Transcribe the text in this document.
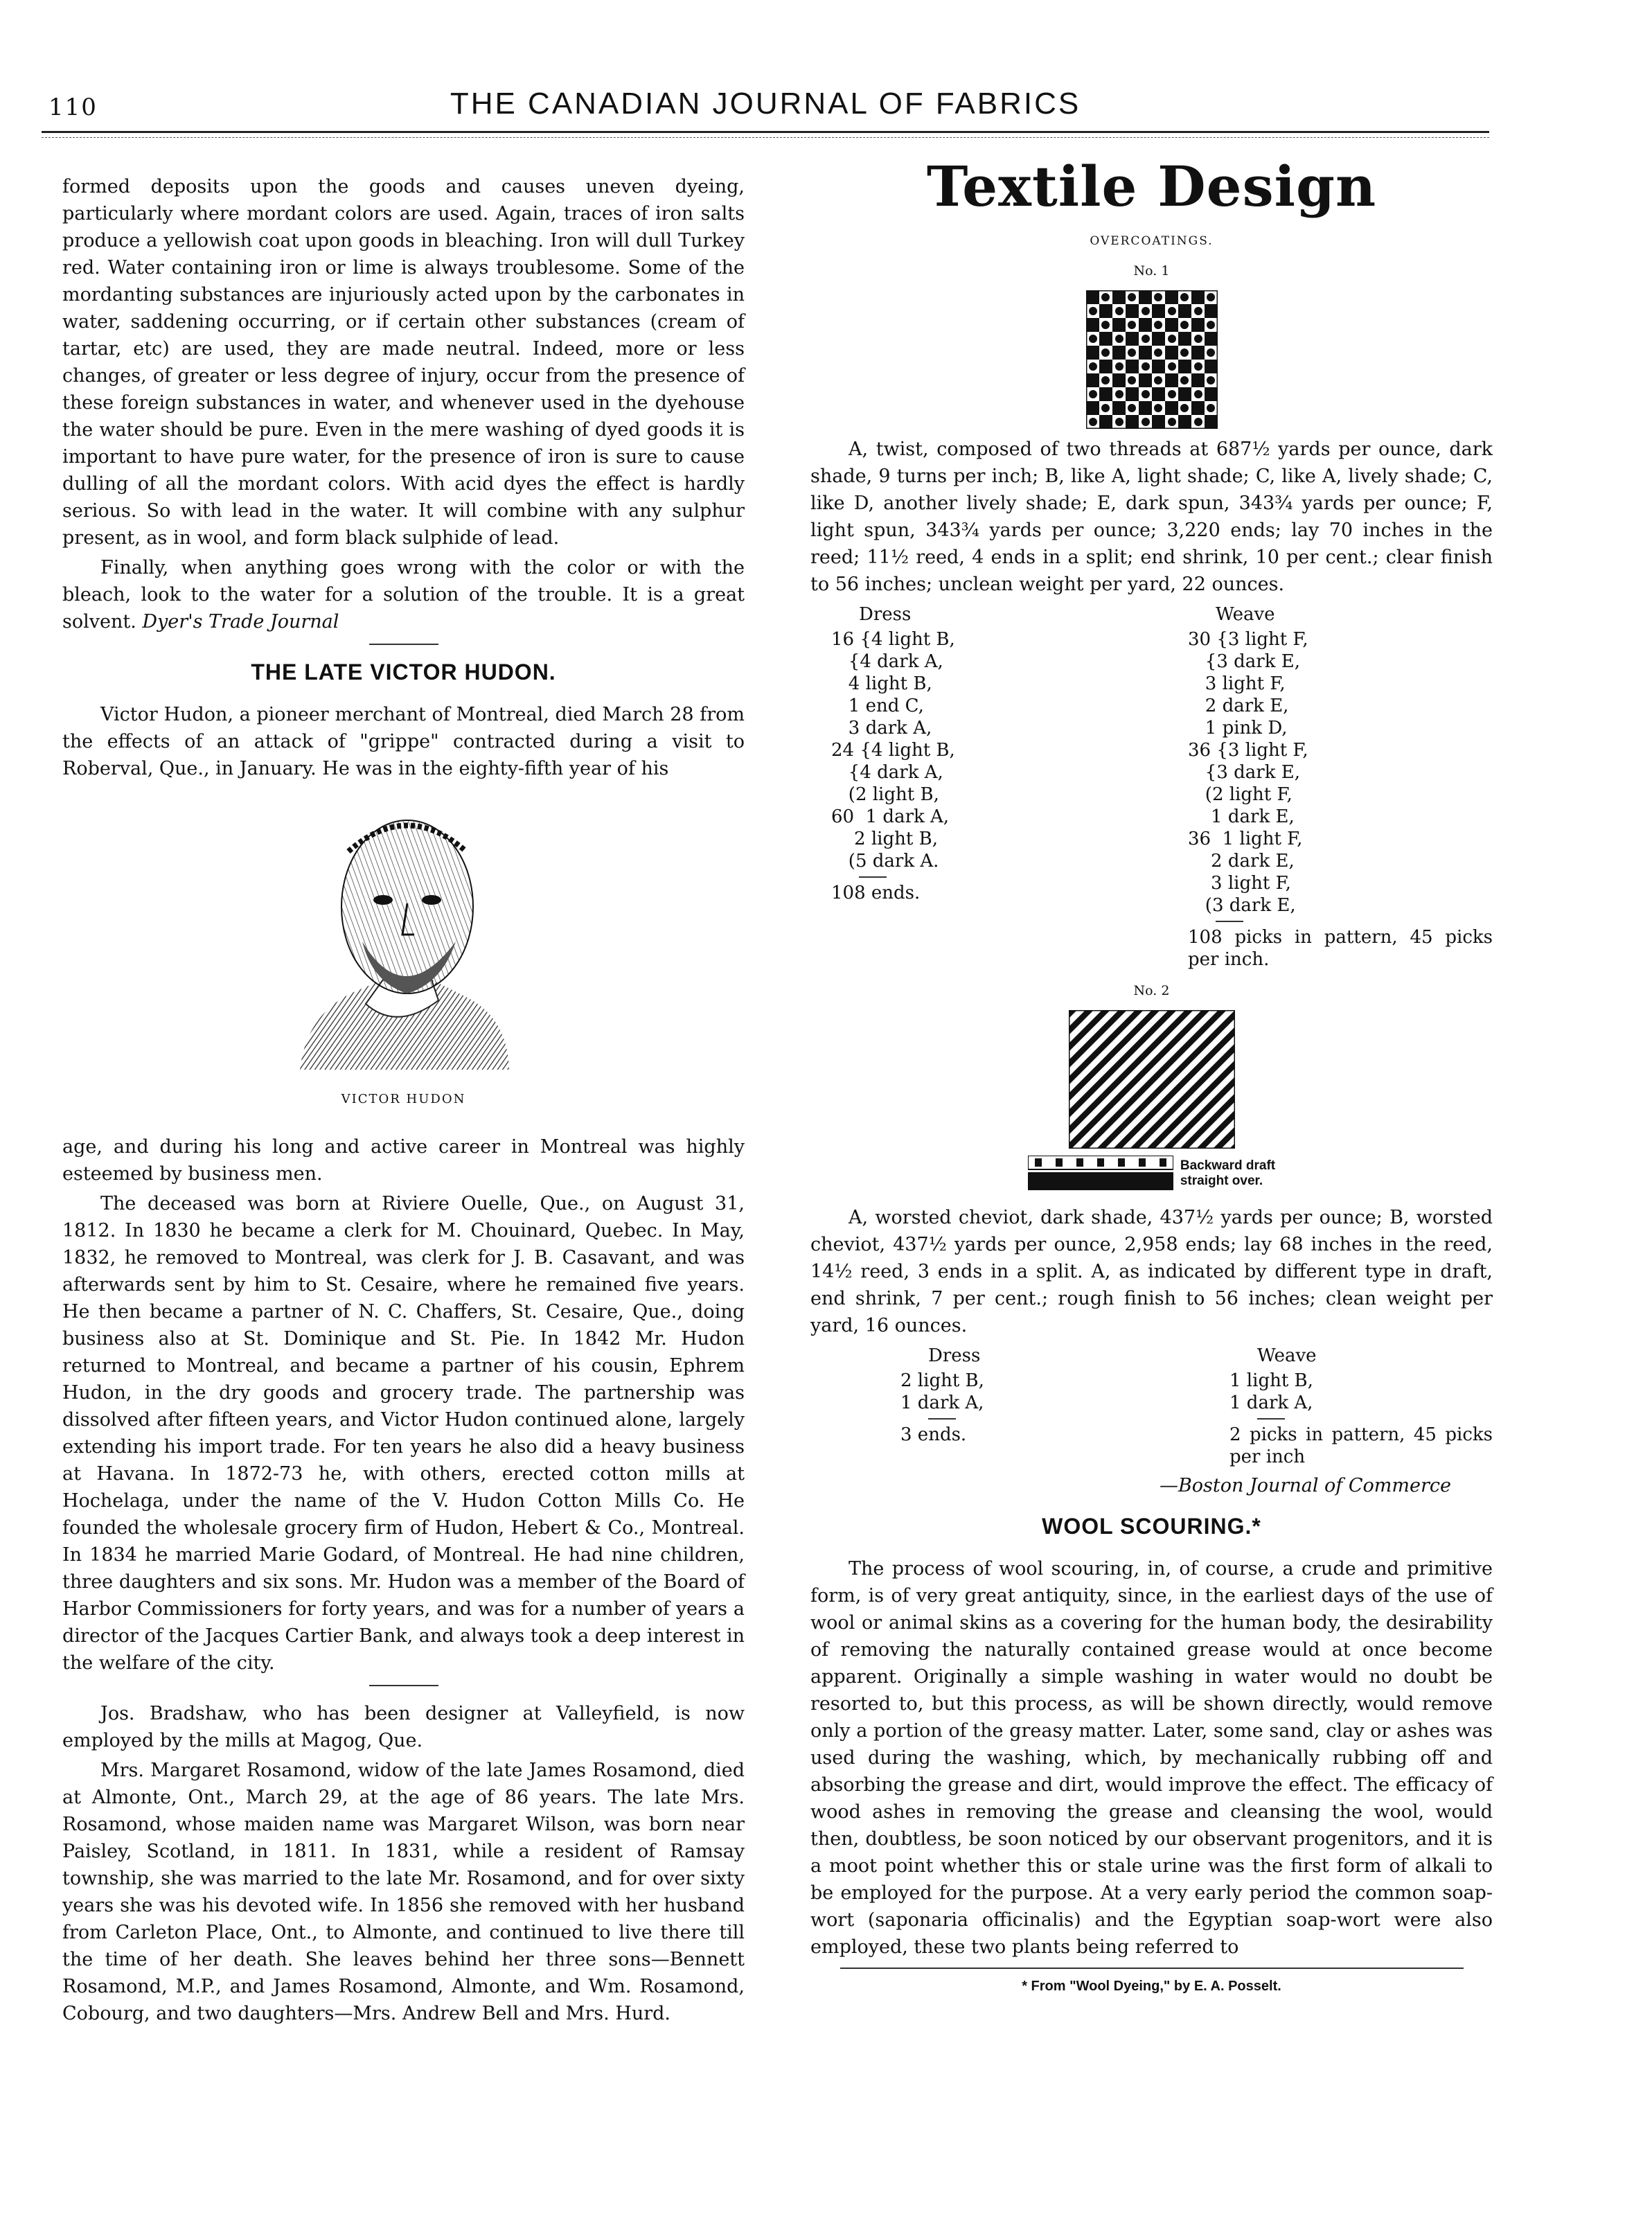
110	THE CANADIAN JOURNAL OF FABRICS

formed deposits upon the goods and causes uneven dyeing, particularly where mordant colors are used. Again, traces of iron salts produce a yellowish coat upon goods in bleaching. Iron will dull Turkey red. Water containing iron or lime is always troublesome. Some of the mordanting substances are injuriously acted upon by the carbonates in water, saddening occurring, or if certain other substances (cream of tartar, etc) are used, they are made neutral. Indeed, more or less changes, of greater or less degree of injury, occur from the presence of these foreign substances in water, and whenever used in the dyehouse the water should be pure. Even in the mere washing of dyed goods it is important to have pure water, for the presence of iron is sure to cause dulling of all the mordant colors. With acid dyes the effect is hardly serious. So with lead in the water. It will combine with any sulphur present, as in wool, and form black sulphide of lead.

Finally, when anything goes wrong with the color or with the bleach, look to the water for a solution of the trouble. It is a great solvent. Dyer's Trade Journal

THE LATE VICTOR HUDON.

Victor Hudon, a pioneer merchant of Montreal, died March 28 from the effects of an attack of "grippe" contracted during a visit to Roberval, Que., in January. He was in the eighty-fifth year of his

VICTOR HUDON

age, and during his long and active career in Montreal was highly esteemed by business men.

The deceased was born at Riviere Ouelle, Que., on August 31, 1812. In 1830 he became a clerk for M. Chouinard, Quebec. In May, 1832, he removed to Montreal, was clerk for J. B. Casavant, and was afterwards sent by him to St. Cesaire, where he remained five years. He then became a partner of N. C. Chaffers, St. Cesaire, Que., doing business also at St. Dominique and St. Pie. In 1842 Mr. Hudon returned to Montreal, and became a partner of his cousin, Ephrem Hudon, in the dry goods and grocery trade. The partnership was dissolved after fifteen years, and Victor Hudon continued alone, largely extending his import trade. For ten years he also did a heavy business at Havana. In 1872-73 he, with others, erected cotton mills at Hochelaga, under the name of the V. Hudon Cotton Mills Co. He founded the wholesale grocery firm of Hudon, Hebert & Co., Montreal. In 1834 he married Marie Godard, of Montreal. He had nine children, three daughters and six sons. Mr. Hudon was a member of the Board of Harbor Commissioners for forty years, and was for a number of years a director of the Jacques Cartier Bank, and always took a deep interest in the welfare of the city.

Jos. Bradshaw, who has been designer at Valleyfield, is now employed by the mills at Magog, Que.

Mrs. Margaret Rosamond, widow of the late James Rosamond, died at Almonte, Ont., March 29, at the age of 86 years. The late Mrs. Rosamond, whose maiden name was Margaret Wilson, was born near Paisley, Scotland, in 1811. In 1831, while a resident of Ramsay township, she was married to the late Mr. Rosamond, and for over sixty years she was his devoted wife. In 1856 she removed with her husband from Carleton Place, Ont., to Almonte, and continued to live there till the time of her death. She leaves behind her three sons—Bennett Rosamond, M.P., and James Rosamond, Almonte, and Wm. Rosamond, Cobourg, and two daughters—Mrs. Andrew Bell and Mrs. Hurd.

Textile Design
OVERCOATINGS.
No. 1

A, twist, composed of two threads at 687½ yards per ounce, dark shade, 9 turns per inch; B, like A, light shade; C, like A, lively shade; C, like D, another lively shade; E, dark spun, 343¾ yards per ounce; F, light spun, 343¾ yards per ounce; 3,220 ends; lay 70 inches in the reed; 11½ reed, 4 ends in a split; end shrink, 10 per cent.; clear finish to 56 inches; unclean weight per yard, 22 ounces.

Dress
16 {4 light B,
{4 dark A,
4 light B,
1 end C,
3 dark A,
24 {4 light B,
{4 dark A,
(2 light B,
60  1 dark A,
2 light B,
(5 dark A.
108 ends.
Weave
30 {3 light F,
{3 dark E,
3 light F,
2 dark E,
1 pink D,
36 {3 light F,
{3 dark E,
(2 light F,
1 dark E,
36  1 light F,
2 dark E,
3 light F,
(3 dark E,
108 picks in pattern, 45 picks per inch.
No. 2
Backward draft
straight over.

A, worsted cheviot, dark shade, 437½ yards per ounce; B, worsted cheviot, 437½ yards per ounce, 2,958 ends; lay 68 inches in the reed, 14½ reed, 3 ends in a split. A, as indicated by different type in draft, end shrink, 7 per cent.; rough finish to 56 inches; clean weight per yard, 16 ounces.

Dress
2 light B,
1 dark A,
3 ends.
Weave
1 light B,
1 dark A,
2 picks in pattern, 45 picks per inch
—Boston Journal of Commerce
WOOL SCOURING.*

The process of wool scouring, in, of course, a crude and primitive form, is of very great antiquity, since, in the earliest days of the use of wool or animal skins as a covering for the human body, the desirability of removing the naturally contained grease would at once become apparent. Originally a simple washing in water would no doubt be resorted to, but this process, as will be shown directly, would remove only a portion of the greasy matter. Later, some sand, clay or ashes was used during the washing, which, by mechanically rubbing off and absorbing the grease and dirt, would improve the effect. The efficacy of wood ashes in removing the grease and cleansing the wool, would then, doubtless, be soon noticed by our observant progenitors, and it is a moot point whether this or stale urine was the first form of alkali to be employed for the purpose. At a very early period the common soap-wort (saponaria officinalis) and the Egyptian soap-wort were also employed, these two plants being referred to

* From "Wool Dyeing," by E. A. Posselt.
